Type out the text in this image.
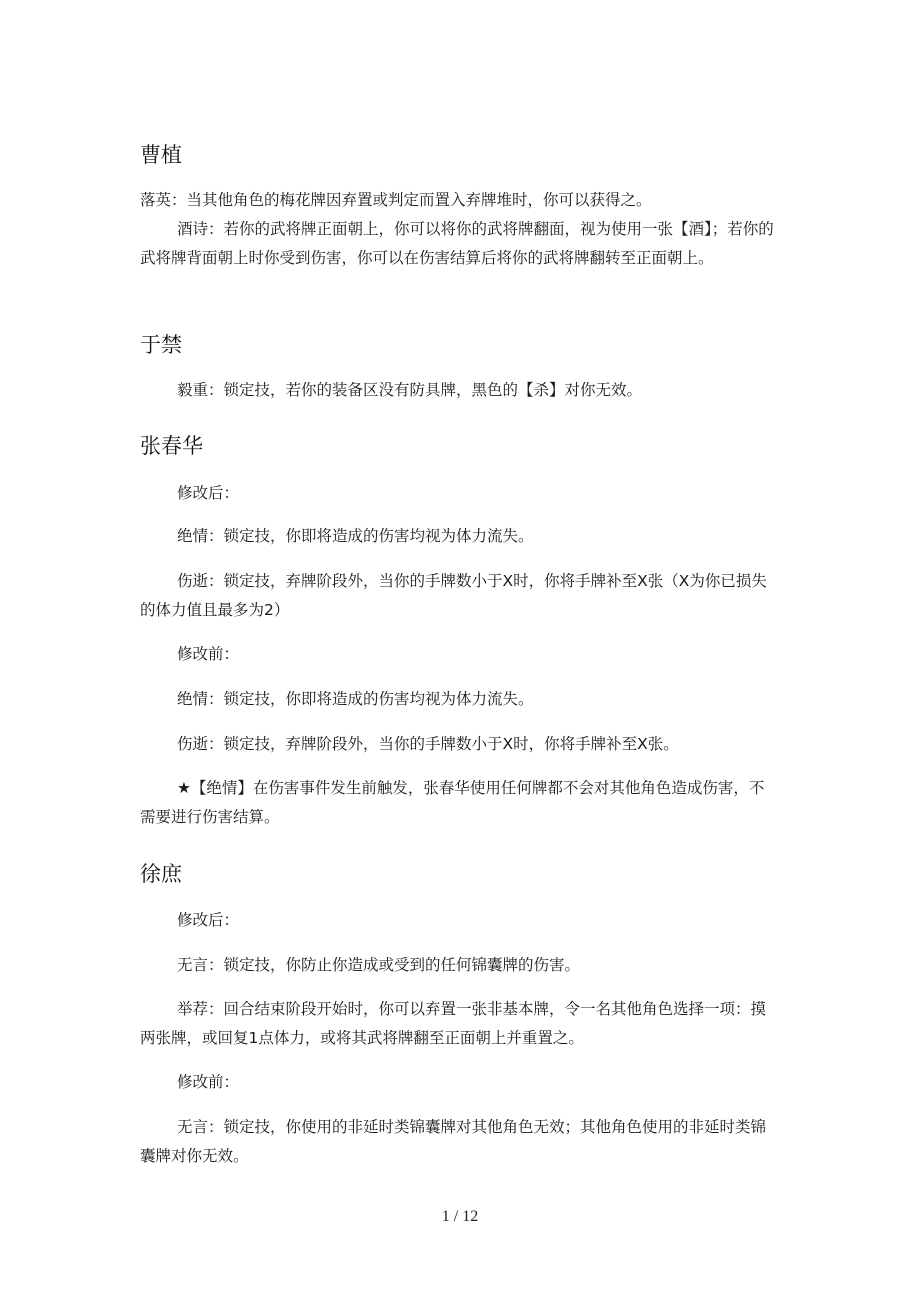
曹植

落英：当其他角色的梅花牌因弃置或判定而置入弃牌堆时，你可以获得之。

酒诗：若你的武将牌正面朝上，你可以将你的武将牌翻面，视为使用一张【酒】；若你的武将牌背面朝上时你受到伤害，你可以在伤害结算后将你的武将牌翻转至正面朝上。

于禁

毅重：锁定技，若你的装备区没有防具牌，黑色的【杀】对你无效。

张春华

修改后：

绝情：锁定技，你即将造成的伤害均视为体力流失。

伤逝：锁定技，弃牌阶段外，当你的手牌数小于X时，你将手牌补至X张（X为你已损失的体力值且最多为2）

修改前：

绝情：锁定技，你即将造成的伤害均视为体力流失。

伤逝：锁定技，弃牌阶段外，当你的手牌数小于X时，你将手牌补至X张。

★【绝情】在伤害事件发生前触发，张春华使用任何牌都不会对其他角色造成伤害，不需要进行伤害结算。

徐庶

修改后：

无言：锁定技，你防止你造成或受到的任何锦囊牌的伤害。

举荐：回合结束阶段开始时，你可以弃置一张非基本牌，令一名其他角色选择一项：摸两张牌，或回复1点体力，或将其武将牌翻至正面朝上并重置之。

修改前：

无言：锁定技，你使用的非延时类锦囊牌对其他角色无效；其他角色使用的非延时类锦囊牌对你无效。

1 / 12
